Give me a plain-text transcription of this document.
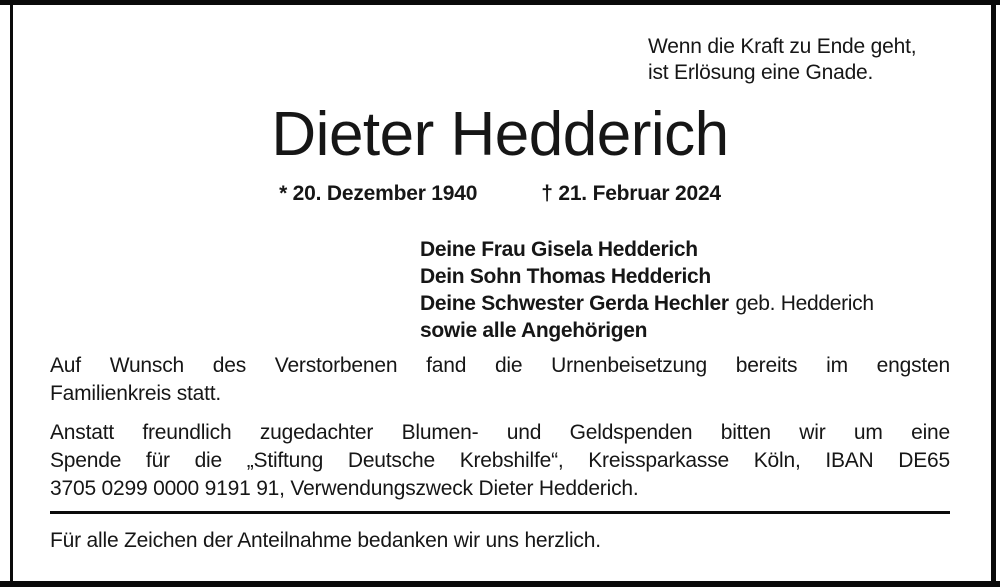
Wenn die Kraft zu Ende geht,
ist Erlösung eine Gnade.
Dieter Hedderich
* 20. Dezember 1940	† 21. Februar 2024
Deine Frau Gisela Hedderich
Dein Sohn Thomas Hedderich
Deine Schwester Gerda Hechler geb. Hedderich
sowie alle Angehörigen
Auf Wunsch des Verstorbenen fand die Urnenbeisetzung bereits im engsten
Familienkreis statt.
Anstatt freundlich zugedachter Blumen- und Geldspenden bitten wir um eine
Spende für die „Stiftung Deutsche Krebshilfe“, Kreissparkasse Köln, IBAN DE65
3705 0299 0000 9191 91, Verwendungszweck Dieter Hedderich.
Für alle Zeichen der Anteilnahme bedanken wir uns herzlich.
